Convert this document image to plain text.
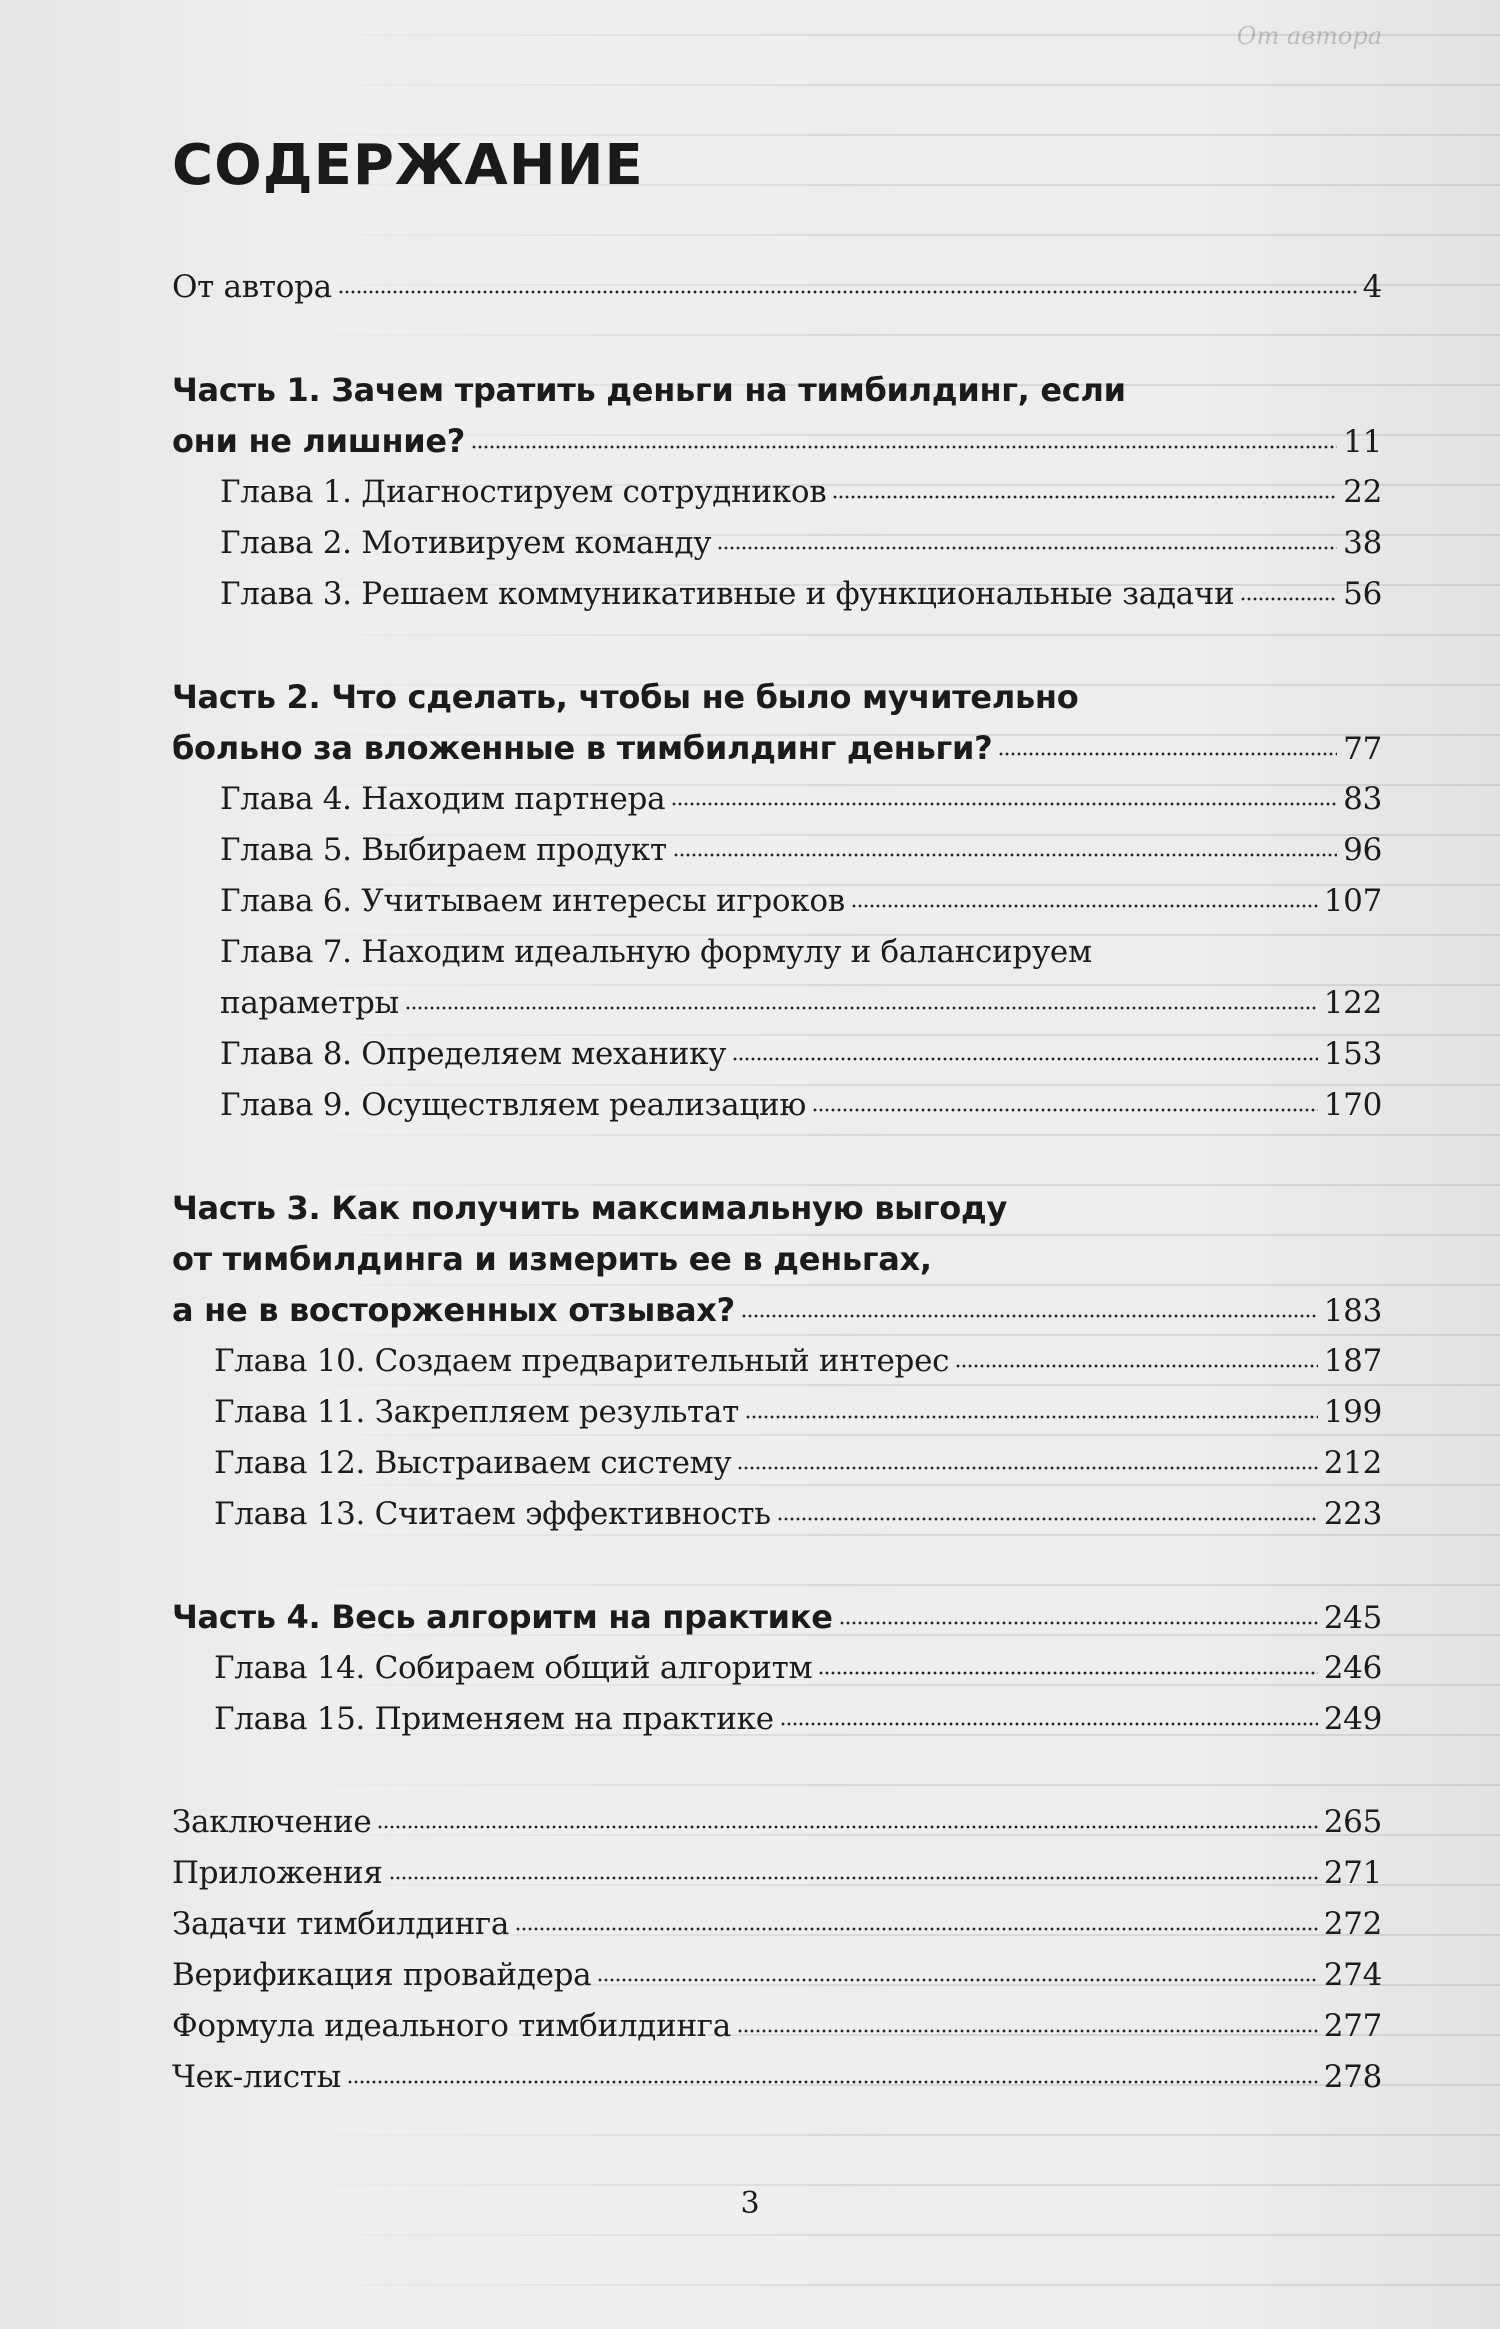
От автора
СОДЕРЖАНИЕ
От автора	4
Часть 1. Зачем тратить деньги на тимбилдинг, если
они не лишние?	11
Глава 1. Диагностируем сотрудников	22
Глава 2. Мотивируем команду	38
Глава 3. Решаем коммуникативные и функциональные задачи	56
Часть 2. Что сделать, чтобы не было мучительно
больно за вложенные в тимбилдинг деньги?	77
Глава 4. Находим партнера	83
Глава 5. Выбираем продукт	96
Глава 6. Учитываем интересы игроков	107
Глава 7. Находим идеальную формулу и балансируем
параметры	122
Глава 8. Определяем механику	153
Глава 9. Осуществляем реализацию	170
Часть 3. Как получить максимальную выгоду
от тимбилдинга и измерить ее в деньгах,
а не в восторженных отзывах?	183
Глава 10. Создаем предварительный интерес	187
Глава 11. Закрепляем результат	199
Глава 12. Выстраиваем систему	212
Глава 13. Считаем эффективность	223
Часть 4. Весь алгоритм на практике	245
Глава 14. Собираем общий алгоритм	246
Глава 15. Применяем на практике	249
Заключение	265
Приложения	271
Задачи тимбилдинга	272
Верификация провайдера	274
Формула идеального тимбилдинга	277
Чек-листы	278
3
